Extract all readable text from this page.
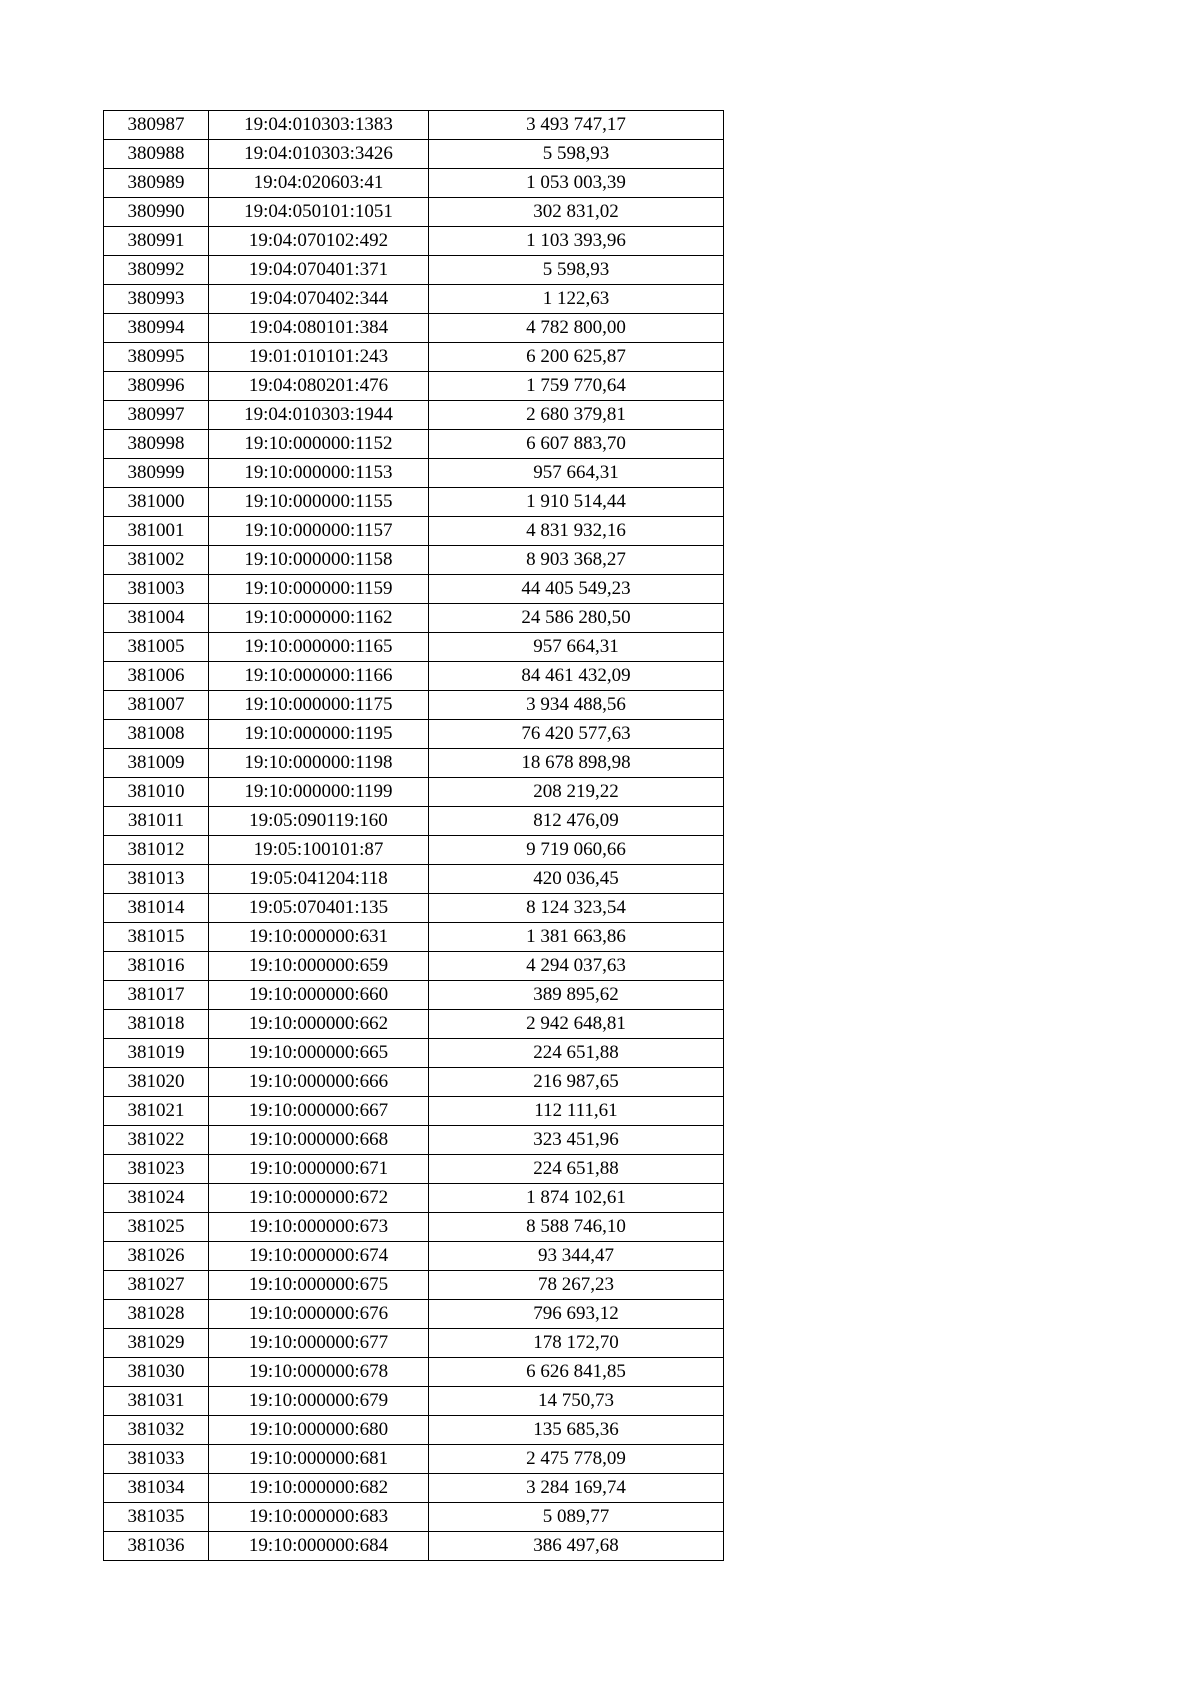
380987	19:04:010303:1383	3 493 747,17
380988	19:04:010303:3426	5 598,93
380989	19:04:020603:41	1 053 003,39
380990	19:04:050101:1051	302 831,02
380991	19:04:070102:492	1 103 393,96
380992	19:04:070401:371	5 598,93
380993	19:04:070402:344	1 122,63
380994	19:04:080101:384	4 782 800,00
380995	19:01:010101:243	6 200 625,87
380996	19:04:080201:476	1 759 770,64
380997	19:04:010303:1944	2 680 379,81
380998	19:10:000000:1152	6 607 883,70
380999	19:10:000000:1153	957 664,31
381000	19:10:000000:1155	1 910 514,44
381001	19:10:000000:1157	4 831 932,16
381002	19:10:000000:1158	8 903 368,27
381003	19:10:000000:1159	44 405 549,23
381004	19:10:000000:1162	24 586 280,50
381005	19:10:000000:1165	957 664,31
381006	19:10:000000:1166	84 461 432,09
381007	19:10:000000:1175	3 934 488,56
381008	19:10:000000:1195	76 420 577,63
381009	19:10:000000:1198	18 678 898,98
381010	19:10:000000:1199	208 219,22
381011	19:05:090119:160	812 476,09
381012	19:05:100101:87	9 719 060,66
381013	19:05:041204:118	420 036,45
381014	19:05:070401:135	8 124 323,54
381015	19:10:000000:631	1 381 663,86
381016	19:10:000000:659	4 294 037,63
381017	19:10:000000:660	389 895,62
381018	19:10:000000:662	2 942 648,81
381019	19:10:000000:665	224 651,88
381020	19:10:000000:666	216 987,65
381021	19:10:000000:667	112 111,61
381022	19:10:000000:668	323 451,96
381023	19:10:000000:671	224 651,88
381024	19:10:000000:672	1 874 102,61
381025	19:10:000000:673	8 588 746,10
381026	19:10:000000:674	93 344,47
381027	19:10:000000:675	78 267,23
381028	19:10:000000:676	796 693,12
381029	19:10:000000:677	178 172,70
381030	19:10:000000:678	6 626 841,85
381031	19:10:000000:679	14 750,73
381032	19:10:000000:680	135 685,36
381033	19:10:000000:681	2 475 778,09
381034	19:10:000000:682	3 284 169,74
381035	19:10:000000:683	5 089,77
381036	19:10:000000:684	386 497,68
